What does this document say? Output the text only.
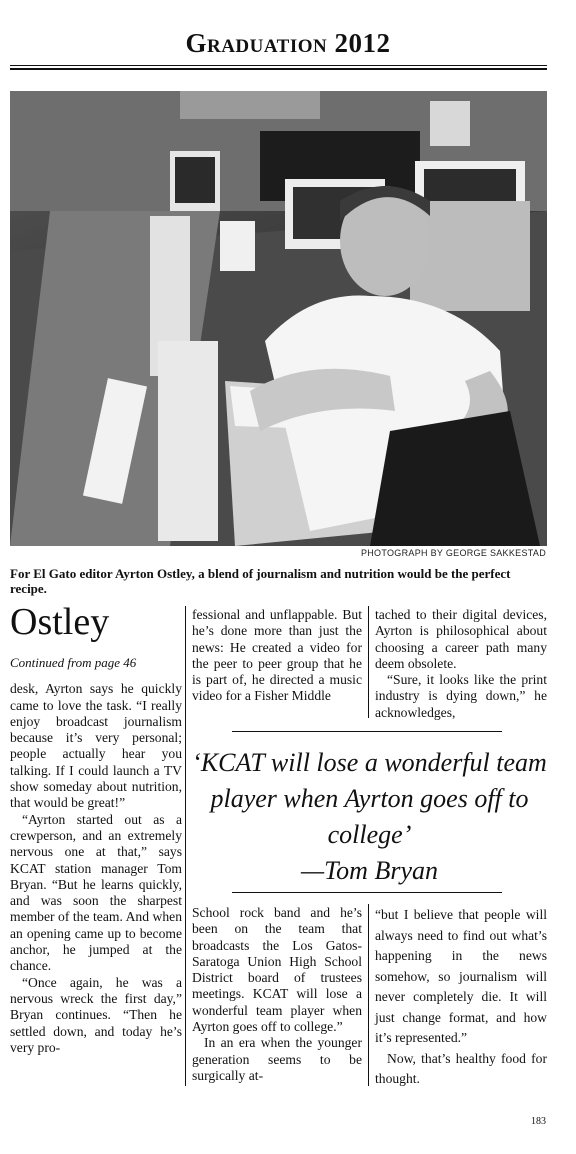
Graduation 2012
PHOTOGRAPH BY GEORGE SAKKESTAD
For El Gato editor Ayrton Ostley, a blend of journalism and nutrition would be the perfect recipe.
Ostley
Continued from page 46

desk, Ayrton says he quickly came to love the task. “I really enjoy broadcast journalism because it’s very personal; people actually hear you talking. If I could launch a TV show someday about nutrition, that would be great!”

“Ayrton started out as a crewperson, and an extremely nervous one at that,” says KCAT station manager Tom Bryan. “But he learns quickly, and was soon the sharpest member of the team. And when an opening came up to become anchor, he jumped at the chance.

“Once again, he was a nervous wreck the first day,” Bryan continues. “Then he settled down, and today he’s very pro-

fessional and unflappable. But he’s done more than just the news: He created a video for the peer to peer group that he is part of, he directed a music video for a Fisher Middle

tached to their digital devices, Ayrton is philosophical about choosing a career path many deem obsolete.

“Sure, it looks like the print industry is dying down,” he acknowledges,

‘KCAT will lose a wonderful team player when Ayrton goes off to college’
—Tom Bryan

School rock band and he’s been on the team that broadcasts the Los Gatos-Saratoga Union High School District board of trustees meetings. KCAT will lose a wonderful team player when Ayrton goes off to college.”

In an era when the younger generation seems to be surgically at-

“but I believe that people will always need to find out what’s happening in the news somehow, so journalism will never completely die. It will just change format, and how it’s represented.”

Now, that’s healthy food for thought.

183
